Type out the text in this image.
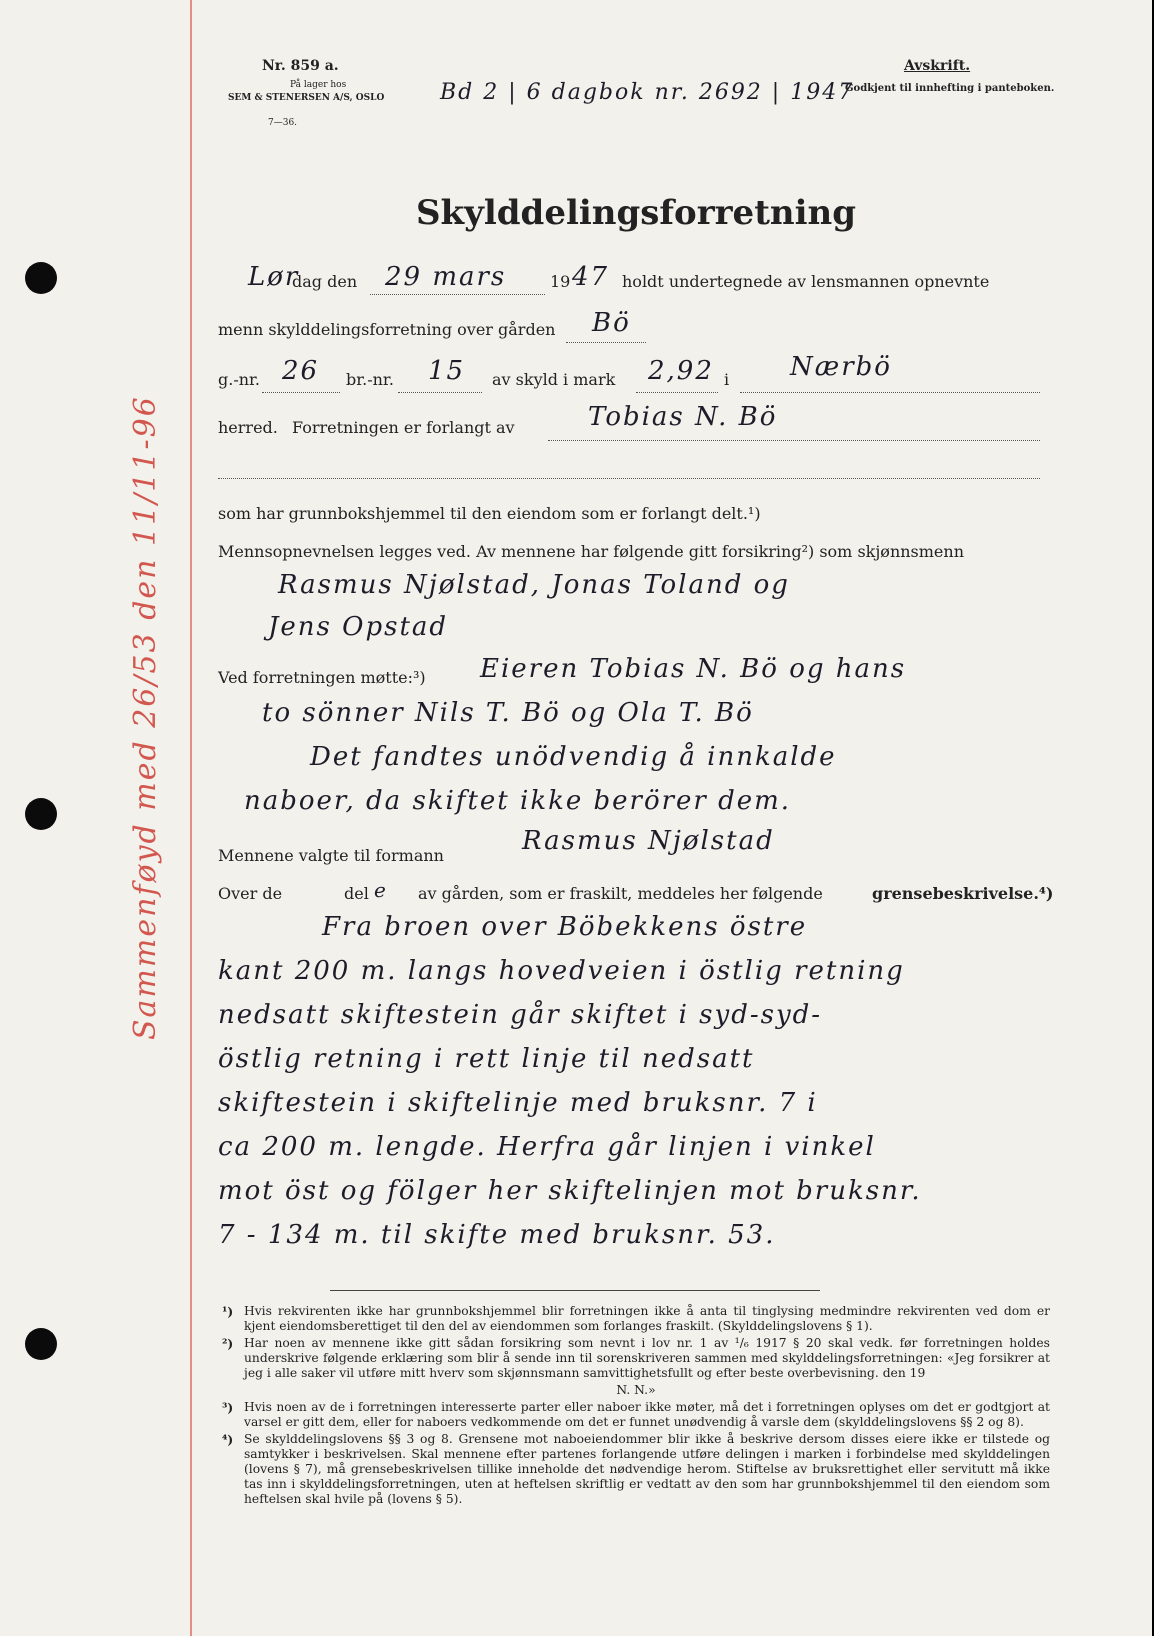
Nr. 859 a.
På lager hos
SEM & STENERSEN A/S, OSLO
7—36.
Bd 2 | 6 dagbok nr. 2692 | 1947
Avskrift.
Godkjent til innhefting i panteboken.
Skylddelingsforretning
Sammenføyd med 26/53 den 11/11-96
Lør
dag den 29 mars	19 47 holdt undertegnede av lensmannen opnevnte
menn skylddelingsforretning over gården Bö
g.-nr. 26 br.-nr. 15 av skyld i mark 2,92 i Nærbö
herred. Forretningen er forlangt av	Tobias N. Bö
som har grunnbokshjemmel til den eiendom som er forlangt delt.¹)
Mennsopnevnelsen legges ved. Av mennene har følgende gitt forsikring²) som skjønnsmenn
Rasmus Njølstad, Jonas Toland og
Jens Opstad
Ved forretningen møtte:³) Eieren Tobias N. Bö og hans
to sönner Nils T. Bö og Ola T. Bö
Det fandtes unödvendig å innkalde
naboer, da skiftet ikke berörer dem.
Mennene valgte til formann	Rasmus Njølstad
Over de	del e av gården, som er fraskilt, meddeles her følgende	grensebeskrivelse.⁴)
Fra broen over Böbekkens östre
kant 200 m. langs hovedveien i östlig retning
nedsatt skiftestein går skiftet i syd-syd-
östlig retning i rett linje til nedsatt
skiftestein i skiftelinje med bruksnr. 7 i
ca 200 m. lengde. Herfra går linjen i vinkel
mot öst og fölger her skiftelinjen mot bruksnr.
7 - 134 m. til skifte med bruksnr. 53.
¹) Hvis rekvirenten ikke har grunnbokshjemmel blir forretningen ikke å anta til tinglysing medmindre rekvirenten ved dom er kjent eiendomsberettiget til den del av eiendommen som forlanges fraskilt. (Skylddelingslovens § 1).
²) Har noen av mennene ikke gitt sådan forsikring som nevnt i lov nr. 1 av ¹/₆ 1917 § 20 skal vedk. før forretningen holdes underskrive følgende erklæring som blir å sende inn til sorenskriveren sammen med skylddelingsforretningen: «Jeg forsikrer at jeg i alle saker vil utføre mitt hverv som skjønnsmann samvittighetsfullt og efter beste overbevisning. den 19
N. N.»
³) Hvis noen av de i forretningen interesserte parter eller naboer ikke møter, må det i forretningen oplyses om det er godtgjort at varsel er gitt dem, eller for naboers vedkommende om det er funnet unødvendig å varsle dem (skylddelingslovens §§ 2 og 8).
⁴) Se skylddelingslovens §§ 3 og 8. Grensene mot naboeiendommer blir ikke å beskrive dersom disses eiere ikke er tilstede og samtykker i beskrivelsen. Skal mennene efter partenes forlangende utføre delingen i marken i forbindelse med skylddelingen (lovens § 7), må grensebeskrivelsen tillike inneholde det nødvendige herom. Stiftelse av bruksrettighet eller servitutt må ikke tas inn i skylddelingsforretningen, uten at heftelsen skriftlig er vedtatt av den som har grunnbokshjemmel til den eiendom som heftelsen skal hvile på (lovens § 5).
